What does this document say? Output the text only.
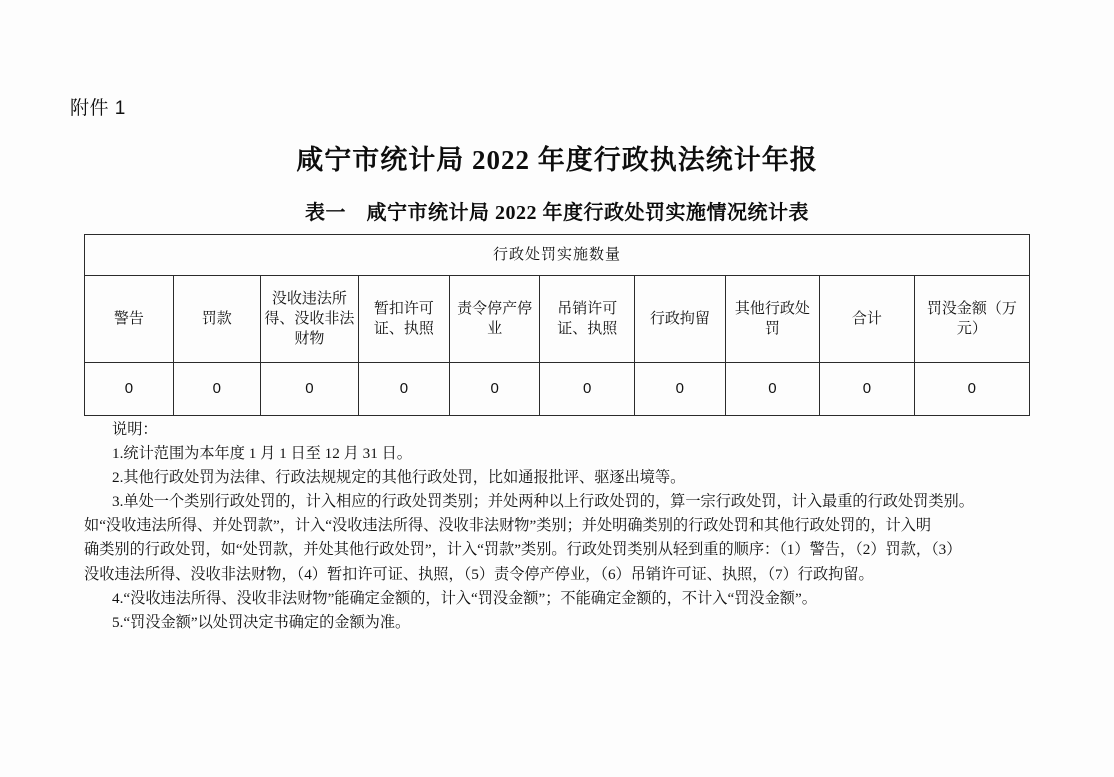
附件 1
咸宁市统计局 2022 年度行政执法统计年报
表一　咸宁市统计局 2022 年度行政处罚实施情况统计表
行政处罚实施数量									
警告	罚款	没收违法所得、没收非法财物	暂扣许可证、执照	责令停产停业	吊销许可证、执照	行政拘留	其他行政处罚	合计	罚没金额（万元）
0	0	0	0	0	0	0	0	0	0
说明：
1.统计范围为本年度 1 月 1 日至 12 月 31 日。
2.其他行政处罚为法律、行政法规规定的其他行政处罚，比如通报批评、驱逐出境等。
3.单处一个类别行政处罚的，计入相应的行政处罚类别；并处两种以上行政处罚的，算一宗行政处罚，计入最重的行政处罚类别。
如“没收违法所得、并处罚款”，计入“没收违法所得、没收非法财物”类别；并处明确类别的行政处罚和其他行政处罚的，计入明
确类别的行政处罚，如“处罚款，并处其他行政处罚”，计入“罚款”类别。行政处罚类别从轻到重的顺序：（1）警告，（2）罚款，（3）
没收违法所得、没收非法财物，（4）暂扣许可证、执照，（5）责令停产停业，（6）吊销许可证、执照，（7）行政拘留。
4.“没收违法所得、没收非法财物”能确定金额的，计入“罚没金额”；不能确定金额的，不计入“罚没金额”。
5.“罚没金额”以处罚决定书确定的金额为准。
